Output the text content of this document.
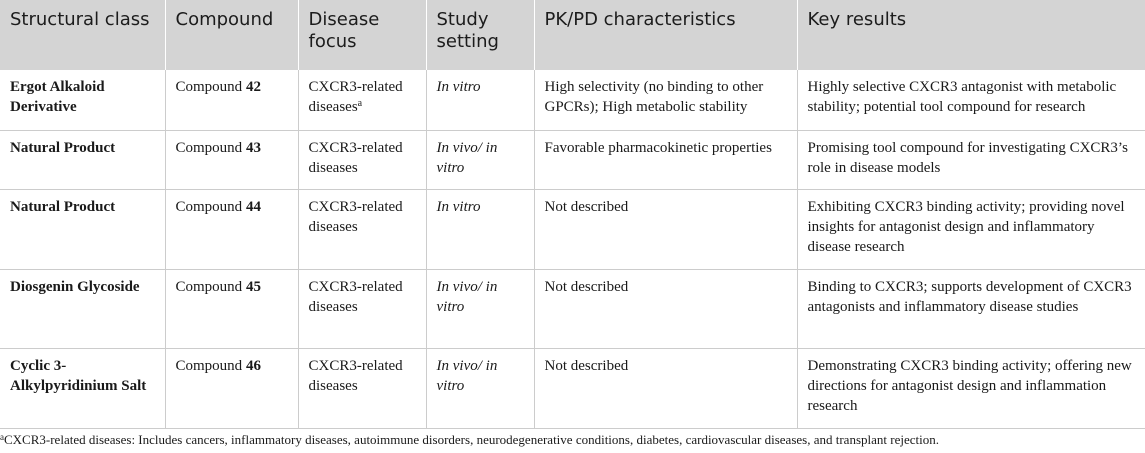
Structural class	Compound	Disease focus	Study setting	PK/PD characteristics	Key results
Ergot Alkaloid Derivative	Compound 42	CXCR3-related diseases$^a$	In vitro	High selectivity (no binding to other GPCRs); High metabolic stability	Highly selective CXCR3 antagonist with metabolic stability; potential tool compound for research
Natural Product	Compound 43	CXCR3-related diseases	In vivo/ in vitro	Favorable pharmacokinetic properties	Promising tool compound for investigating CXCR3’s role in disease models
Natural Product	Compound 44	CXCR3-related diseases	In vitro	Not described	Exhibiting CXCR3 binding activity; providing novel insights for antagonist design and inflammatory disease research
Diosgenin Glycoside	Compound 45	CXCR3-related diseases	In vivo/ in vitro	Not described	Binding to CXCR3; supports development of CXCR3 antagonists and inflammatory disease studies
Cyclic 3-Alkylpyridinium Salt	Compound 46	CXCR3-related diseases	In vivo/ in vitro	Not described	Demonstrating CXCR3 binding activity; offering new directions for antagonist design and inflammation research
$^a$CXCR3-related diseases: Includes cancers, inflammatory diseases, autoimmune disorders, neurodegenerative conditions, diabetes, cardiovascular diseases, and transplant rejection.
